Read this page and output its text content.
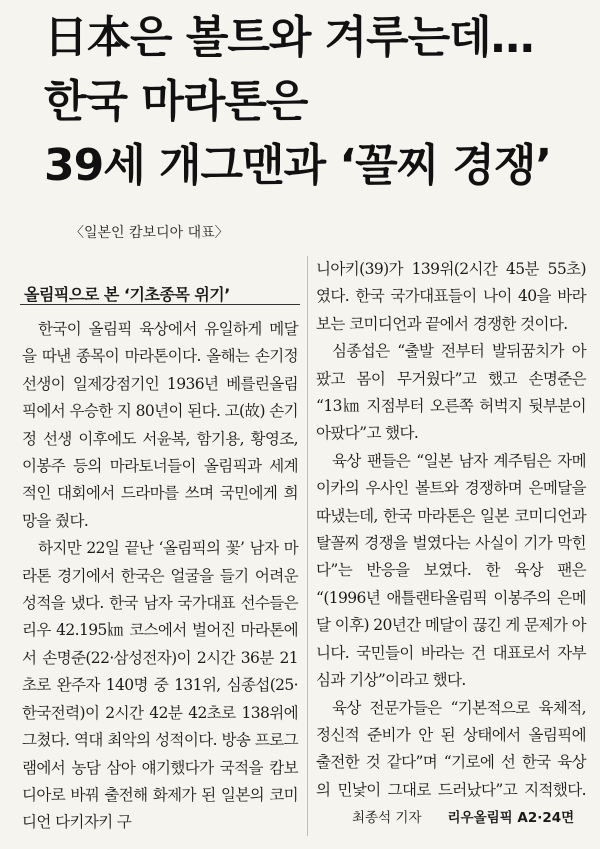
日本은 볼트와 겨루는데…
한국 마라톤은
39세 개그맨과 ‘꼴찌 경쟁’
〈일본인 캄보디아 대표〉
올림픽으로 본 ‘기초종목 위기’

한국이 올림픽 육상에서 유일하게 메달을 따낸 종목이 마라톤이다. 올해는 손기정 선생이 일제강점기인 1936년 베를린올림픽에서 우승한 지 80년이 된다. 고(故) 손기정 선생 이후에도 서윤복, 함기용, 황영조, 이봉주 등의 마라토너들이 올림픽과 세계적인 대회에서 드라마를 쓰며 국민에게 희망을 줬다.

하지만 22일 끝난 ‘올림픽의 꽃’ 남자 마라톤 경기에서 한국은 얼굴을 들기 어려운 성적을 냈다. 한국 남자 국가대표 선수들은 리우 42.195㎞ 코스에서 벌어진 마라톤에서 손명준(22·삼성전자)이 2시간 36분 21초로 완주자 140명 중 131위, 심종섭(25·한국전력)이 2시간 42분 42초로 138위에 그쳤다. 역대 최악의 성적이다. 방송 프로그램에서 농담 삼아 얘기했다가 국적을 캄보디아로 바꿔 출전해 화제가 된 일본의 코미디언 다키자키 구

니아키(39)가 139위(2시간 45분 55초)였다. 한국 국가대표들이 나이 40을 바라보는 코미디언과 끝에서 경쟁한 것이다.

심종섭은 “출발 전부터 발뒤꿈치가 아팠고 몸이 무거웠다”고 했고 손명준은 “13㎞ 지점부터 오른쪽 허벅지 뒷부분이 아팠다”고 했다.

육상 팬들은 “일본 남자 계주팀은 자메이카의 우사인 볼트와 경쟁하며 은메달을 따냈는데, 한국 마라톤은 일본 코미디언과 탈꼴찌 경쟁을 벌였다는 사실이 기가 막힌다”는 반응을 보였다. 한 육상 팬은 “(1996년 애틀랜타올림픽 이봉주의 은메달 이후) 20년간 메달이 끊긴 게 문제가 아니다. 국민들이 바라는 건 대표로서 자부심과 기상”이라고 했다.

육상 전문가들은 “기본적으로 육체적, 정신적 준비가 안 된 상태에서 올림픽에 출전한 것 같다”며 “기로에 선 한국 육상의 민낯이 그대로 드러났다”고 지적했다.최종석 기자 리우올림픽 A2·24면
